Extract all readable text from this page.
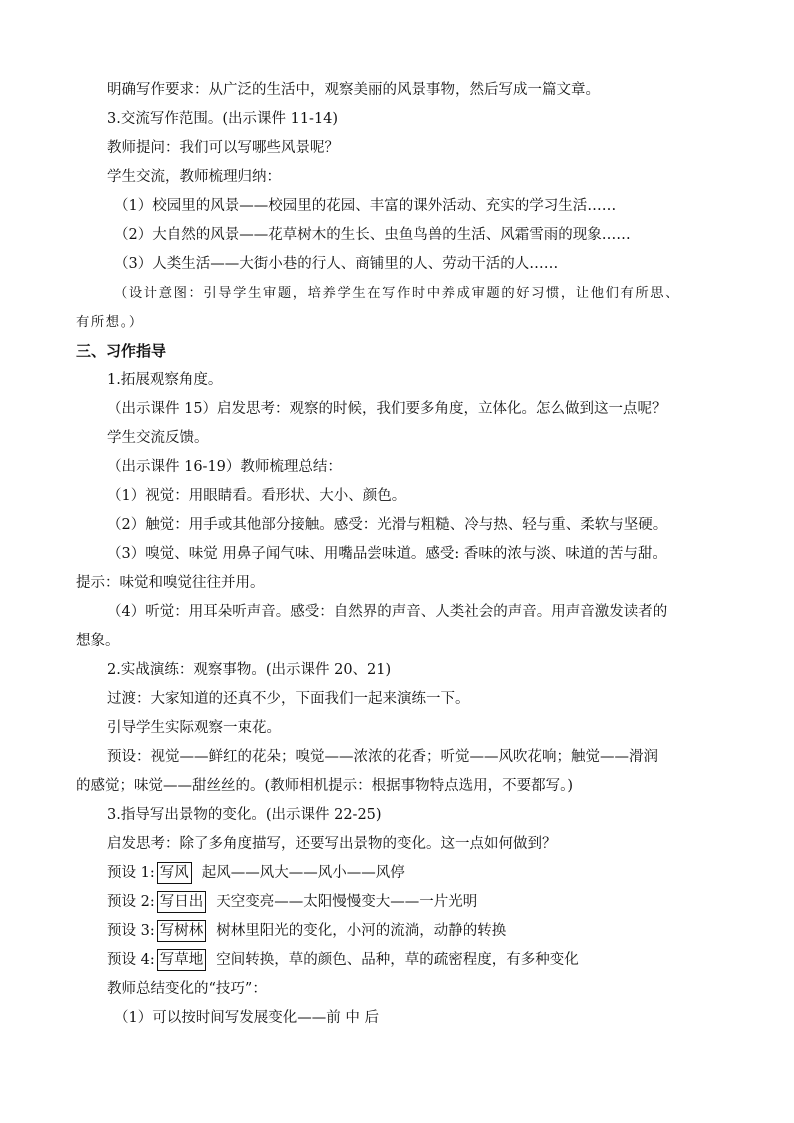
明确写作要求：从广泛的生活中，观察美丽的风景事物，然后写成一篇文章。
3.交流写作范围。(出示课件 11-14)
教师提问：我们可以写哪些风景呢？
学生交流，教师梳理归纳：
（1）校园里的风景——校园里的花园、丰富的课外活动、充实的学习生活……
（2）大自然的风景——花草树木的生长、虫鱼鸟兽的生活、风霜雪雨的现象……
（3）人类生活——大街小巷的行人、商铺里的人、劳动干活的人……
（设计意图：引导学生审题，培养学生在写作时中养成审题的好习惯，让他们有所思、
有所想。）
三、习作指导
1.拓展观察角度。
（出示课件 15）启发思考：观察的时候，我们要多角度，立体化。怎么做到这一点呢？
学生交流反馈。
（出示课件 16-19）教师梳理总结：
（1）视觉：用眼睛看。看形状、大小、颜色。
（2）触觉：用手或其他部分接触。感受：光滑与粗糙、冷与热、轻与重、柔软与坚硬。
（3）嗅觉、味觉 用鼻子闻气味、用嘴品尝味道。感受: 香味的浓与淡、味道的苦与甜。
提示：味觉和嗅觉往往并用。
（4）听觉：用耳朵听声音。感受：自然界的声音、人类社会的声音。用声音激发读者的
想象。
2.实战演练：观察事物。(出示课件 20、21)
过渡：大家知道的还真不少，下面我们一起来演练一下。
引导学生实际观察一束花。
预设：视觉——鲜红的花朵；嗅觉——浓浓的花香；听觉——风吹花响；触觉——滑润
的感觉；味觉——甜丝丝的。(教师相机提示：根据事物特点选用，不要都写。)
3.指导写出景物的变化。(出示课件 22-25)
启发思考：除了多角度描写，还要写出景物的变化。这一点如何做到？
预设 1: 写风 起风——风大——风小——风停
预设 2: 写日出 天空变亮——太阳慢慢变大——一片光明
预设 3: 写树林 树林里阳光的变化，小河的流淌，动静的转换
预设 4: 写草地 空间转换，草的颜色、品种，草的疏密程度，有多种变化
教师总结变化的“技巧”：
（1）可以按时间写发展变化——前 中 后
